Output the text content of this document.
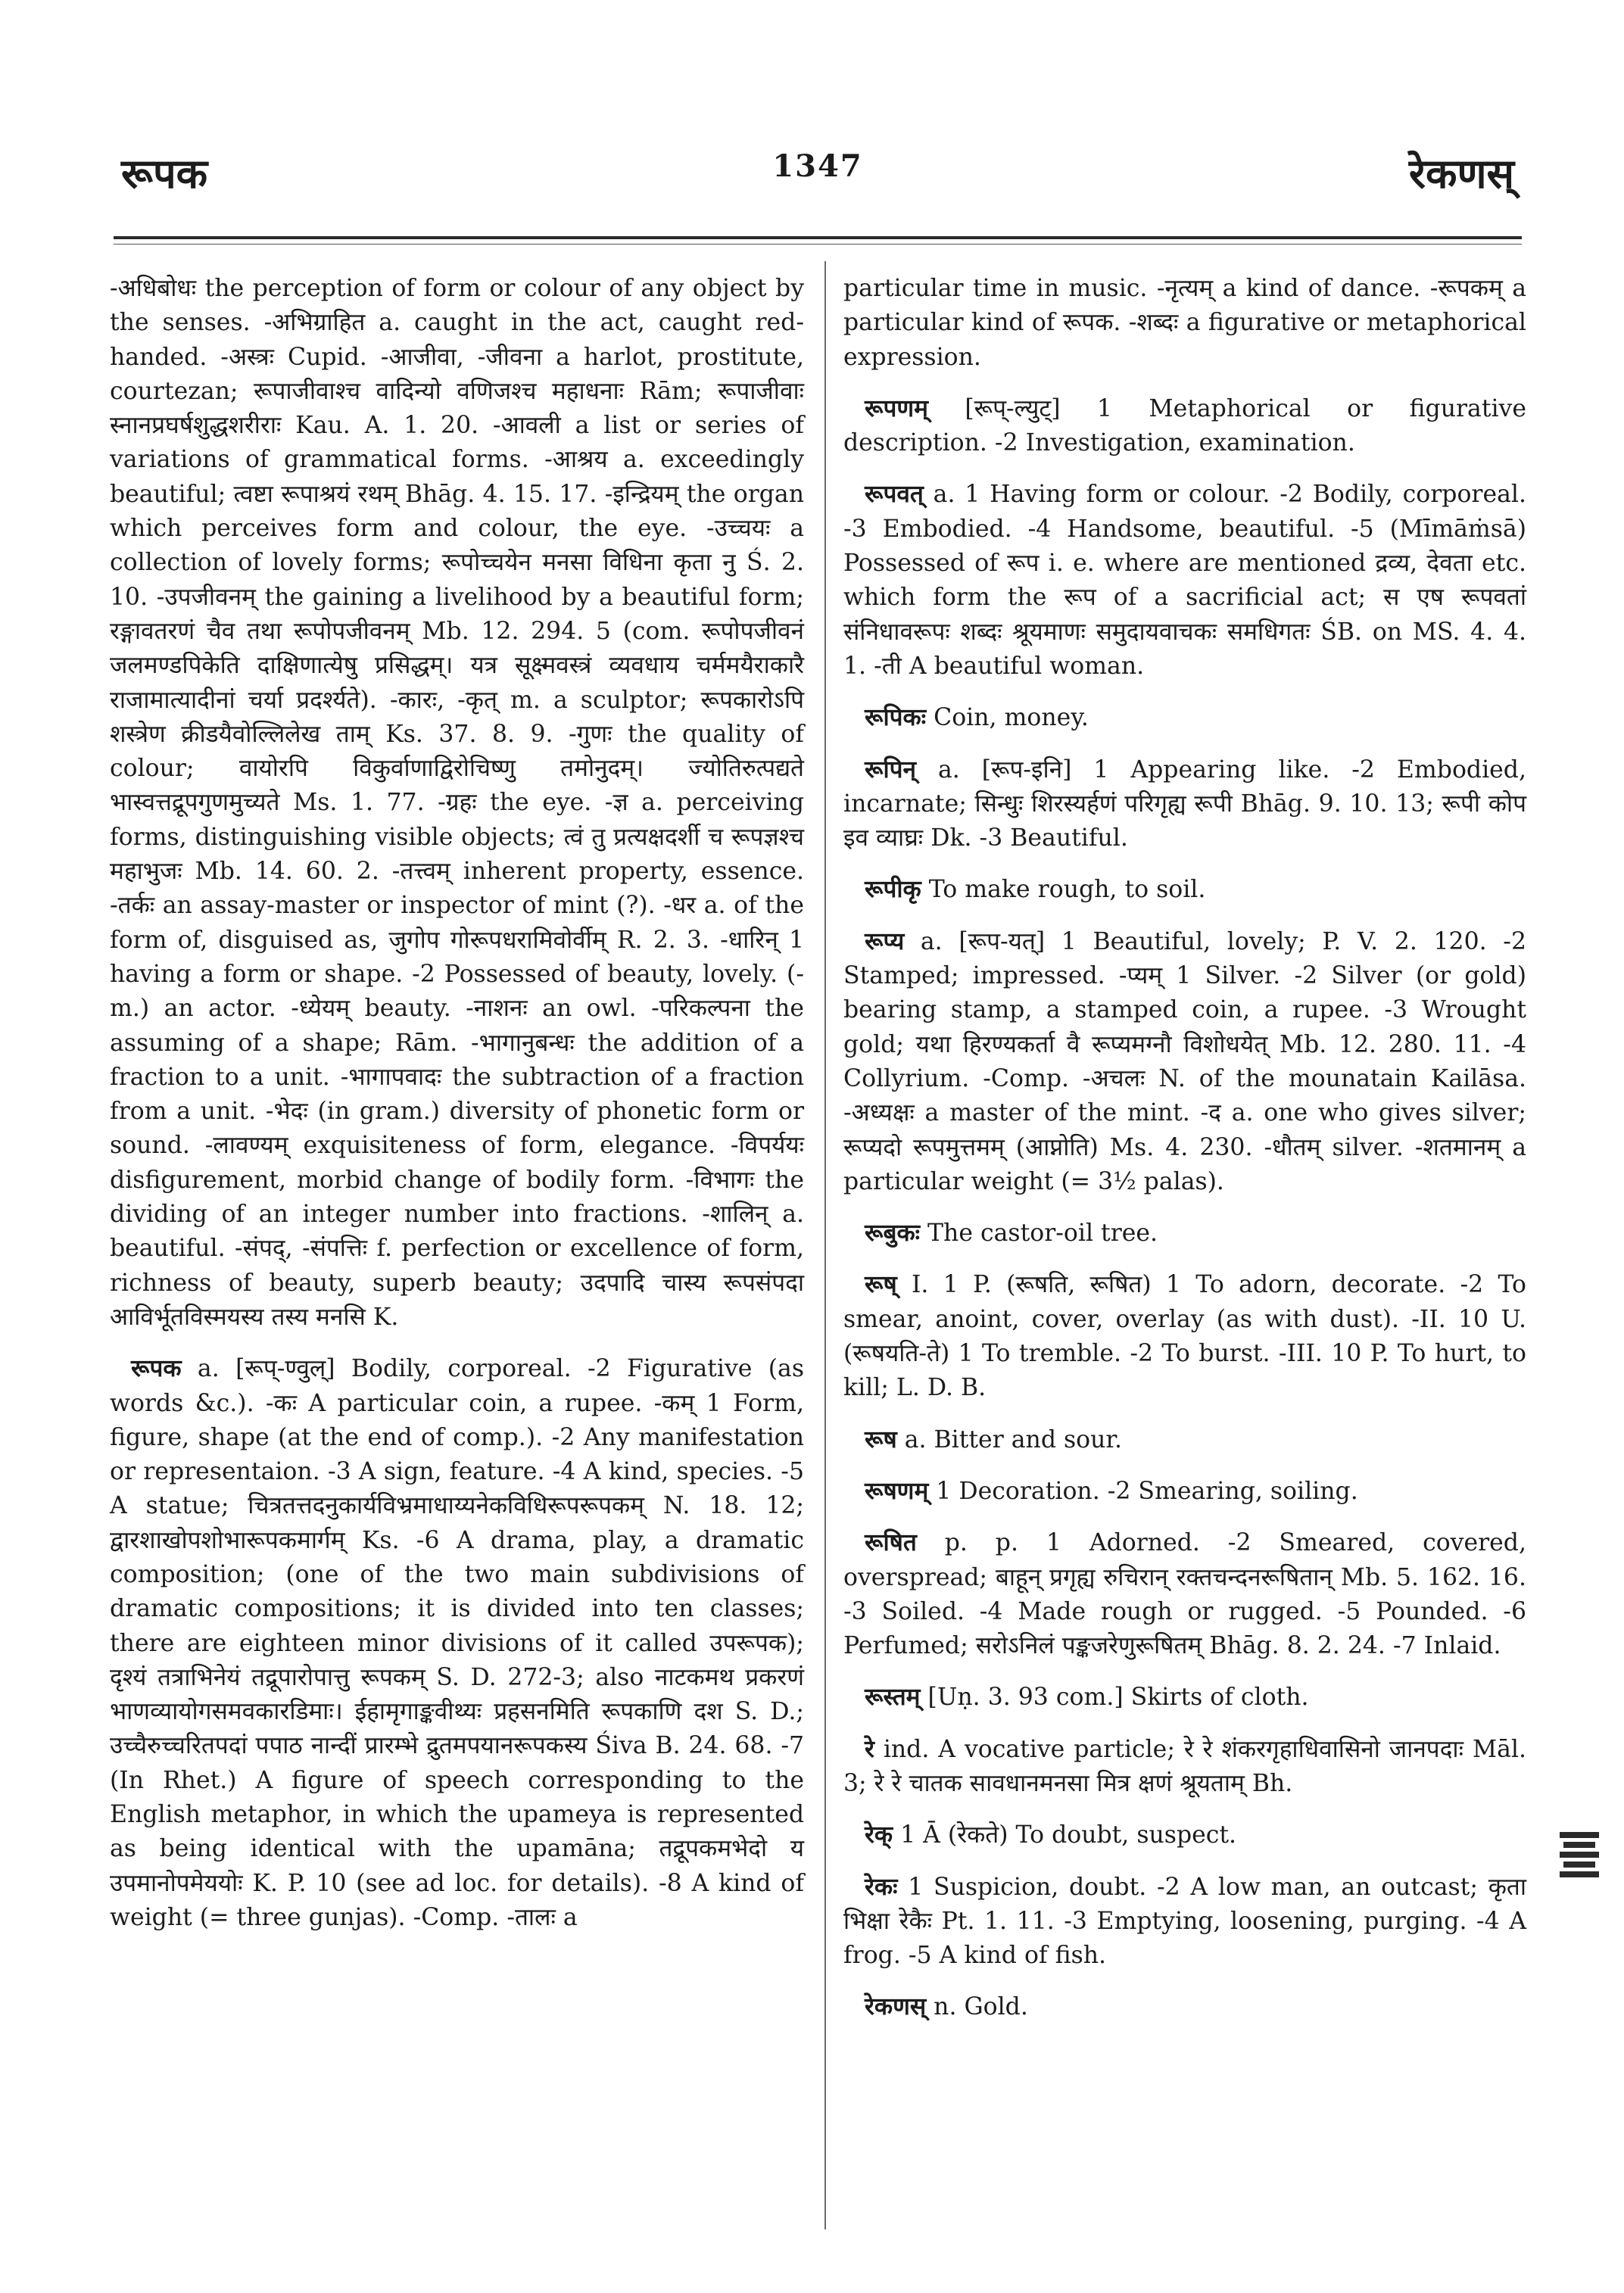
रूपक	1347	रेकणस्

-अधिबोधः the perception of form or colour of any object by the senses. -अभिग्राहित a. caught in the act, caught red-handed. -अस्त्रः Cupid. -आजीवा, -जीवना a harlot, prostitute, courtezan; रूपाजीवाश्च वादिन्यो वणिजश्च महाधनाः Rām; रूपाजीवाः स्नानप्रघर्षशुद्धशरीराः Kau. A. 1. 20. -आवली a list or series of variations of grammatical forms. -आश्रय a. exceedingly beautiful; त्वष्टा रूपाश्रयं रथम् Bhāg. 4. 15. 17. -इन्द्रियम् the organ which perceives form and colour, the eye. -उच्चयः a collection of lovely forms; रूपोच्चयेन मनसा विधिना कृता नु Ś. 2. 10. -उपजीवनम् the gaining a livelihood by a beautiful form; रङ्गावतरणं चैव तथा रूपोपजीवनम् Mb. 12. 294. 5 (com. रूपोपजीवनं जलमण्डपिकेति दाक्षिणात्येषु प्रसिद्धम्। यत्र सूक्ष्मवस्त्रं व्यवधाय चर्ममयैराकारै राजामात्यादीनां चर्या प्रदर्श्यते). -कारः, -कृत् m. a sculptor; रूपकारोऽपि शस्त्रेण क्रीडयैवोल्लिलेख ताम् Ks. 37. 8. 9. -गुणः the quality of colour; वायोरपि विकुर्वाणाद्विरोचिष्णु तमोनुदम्। ज्योतिरुत्पद्यते भास्वत्तद्रूपगुणमुच्यते Ms. 1. 77. -ग्रहः the eye. -ज्ञ a. perceiving forms, distinguishing visible objects; त्वं तु प्रत्यक्षदर्शी च रूपज्ञश्च महाभुजः Mb. 14. 60. 2. -तत्त्वम् inherent property, essence. -तर्कः an assay-master or inspector of mint (?). -धर a. of the form of, disguised as, जुगोप गोरूपधरामिवोर्वीम् R. 2. 3. -धारिन् 1 having a form or shape. -2 Possessed of beauty, lovely. (-m.) an actor. -ध्येयम् beauty. -नाशनः an owl. -परिकल्पना the assuming of a shape; Rām. -भागानुबन्धः the addition of a fraction to a unit. -भागापवादः the subtraction of a fraction from a unit. -भेदः (in gram.) diversity of phonetic form or sound. -लावण्यम् exquisiteness of form, elegance. -विपर्ययः disfigurement, morbid change of bodily form. -विभागः the dividing of an integer number into fractions. -शालिन् a. beautiful. -संपद्, -संपत्तिः f. perfection or excellence of form, richness of beauty, superb beauty; उदपादि चास्य रूपसंपदा आविर्भूतविस्मयस्य तस्य मनसि K.

रूपक a. [रूप्-ण्वुल्] Bodily, corporeal. -2 Figurative (as words &c.). -कः A particular coin, a rupee. -कम् 1 Form, figure, shape (at the end of comp.). -2 Any manifestation or representaion. -3 A sign, feature. -4 A kind, species. -5 A statue; चित्रतत्तदनुकार्यविभ्रमाधाय्यनेकविधिरूपरूपकम् N. 18. 12; द्वारशाखोपशोभारूपकमार्गम् Ks. -6 A drama, play, a dramatic composition; (one of the two main subdivisions of dramatic compositions; it is divided into ten classes; there are eighteen minor divisions of it called उपरूपक); दृश्यं तत्राभिनेयं तद्रूपारोपात्तु रूपकम् S. D. 272-3; also नाटकमथ प्रकरणं भाणव्यायोगसमवकारडिमाः। ईहामृगाङ्कवीथ्यः प्रहसनमिति रूपकाणि दश S. D.; उच्चैरुच्चरितपदां पपाठ नान्दीं प्रारम्भे द्रुतमपयानरूपकस्य Śiva B. 24. 68. -7 (In Rhet.) A figure of speech corresponding to the English metaphor, in which the upameya is represented as being identical with the upamāna; तद्रूपकमभेदो य उपमानोपमेययोः K. P. 10 (see ad loc. for details). -8 A kind of weight (= three gunjas). -Comp. -तालः a

particular time in music. -नृत्यम् a kind of dance. -रूपकम् a particular kind of रूपक. -शब्दः a figurative or metaphorical expression.

रूपणम् [रूप्-ल्युट्] 1 Metaphorical or figurative description. -2 Investigation, examination.

रूपवत् a. 1 Having form or colour. -2 Bodily, corporeal. -3 Embodied. -4 Handsome, beautiful. -5 (Mīmāṁsā) Possessed of रूप i. e. where are mentioned द्रव्य, देवता etc. which form the रूप of a sacrificial act; स एष रूपवतां संनिधावरूपः शब्दः श्रूयमाणः समुदायवाचकः समधिगतः ŚB. on MS. 4. 4. 1. -ती A beautiful woman.

रूपिकः Coin, money.

रूपिन् a. [रूप-इनि] 1 Appearing like. -2 Embodied, incarnate; सिन्धुः शिरस्यर्हणं परिगृह्य रूपी Bhāg. 9. 10. 13; रूपी कोप इव व्याघ्रः Dk. -3 Beautiful.

रूपीकृ To make rough, to soil.

रूप्य a. [रूप-यत्] 1 Beautiful, lovely; P. V. 2. 120. -2 Stamped; impressed. -प्यम् 1 Silver. -2 Silver (or gold) bearing stamp, a stamped coin, a rupee. -3 Wrought gold; यथा हिरण्यकर्ता वै रूप्यमग्नौ विशोधयेत् Mb. 12. 280. 11. -4 Collyrium. -Comp. -अचलः N. of the mounatain Kailāsa. -अध्यक्षः a master of the mint. -द a. one who gives silver; रूप्यदो रूपमुत्तमम् (आप्नोति) Ms. 4. 230. -धौतम् silver. -शतमानम् a particular weight (= 3½ palas).

रूबुकः The castor-oil tree.

रूष् I. 1 P. (रूषति, रूषित) 1 To adorn, decorate. -2 To smear, anoint, cover, overlay (as with dust). -II. 10 U. (रूषयति-ते) 1 To tremble. -2 To burst. -III. 10 P. To hurt, to kill; L. D. B.

रूष a. Bitter and sour.

रूषणम् 1 Decoration. -2 Smearing, soiling.

रूषित p. p. 1 Adorned. -2 Smeared, covered, overspread; बाहून् प्रगृह्य रुचिरान् रक्तचन्दनरूषितान् Mb. 5. 162. 16. -3 Soiled. -4 Made rough or rugged. -5 Pounded. -6 Perfumed; सरोऽनिलं पङ्कजरेणुरूषितम् Bhāg. 8. 2. 24. -7 Inlaid.

रूस्तम् [Uṇ. 3. 93 com.] Skirts of cloth.

रे ind. A vocative particle; रे रे शंकरगृहाधिवासिनो जानपदाः Māl. 3; रे रे चातक सावधानमनसा मित्र क्षणं श्रूयताम् Bh.

रेक् 1 Ā (रेकते) To doubt, suspect.

रेकः 1 Suspicion, doubt. -2 A low man, an outcast; कृता भिक्षा रेकैः Pt. 1. 11. -3 Emptying, loosening, purging. -4 A frog. -5 A kind of fish.

रेकणस् n. Gold.
